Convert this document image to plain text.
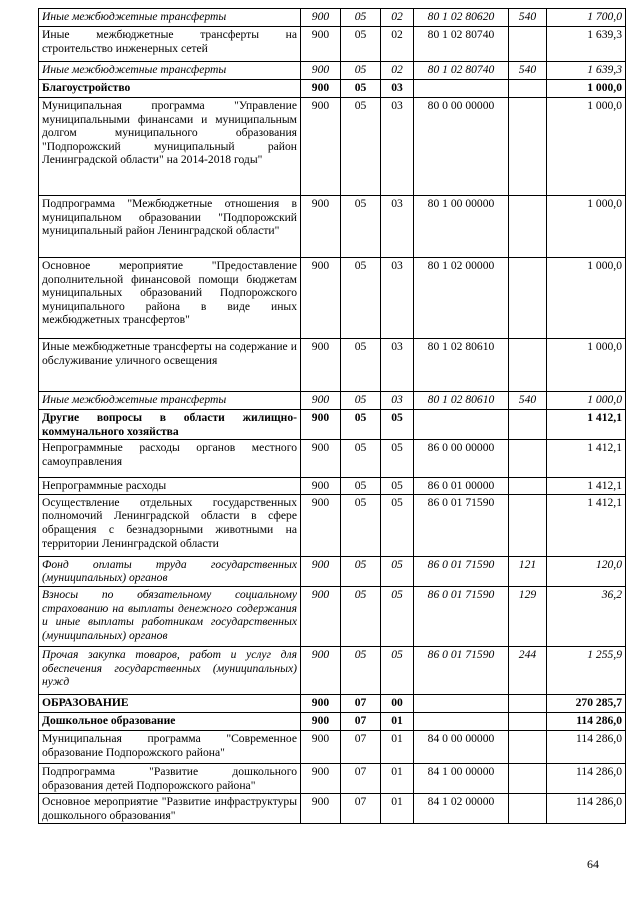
Иные межбюджетные трансферты	900	05	02	80 1 02 80620	540	1 700,0
Иные межбюджетные трансферты на строительство инженерных сетей	900	05	02	80 1 02 80740		1 639,3
Иные межбюджетные трансферты	900	05	02	80 1 02 80740	540	1 639,3
Благоустройство	900	05	03			1 000,0
Муниципальная программа "Управление муниципальными финансами и муниципальным долгом муниципального образования "Подпорожский муниципальный район Ленинградской области" на 2014-2018 годы"	900	05	03	80 0 00 00000		1 000,0
Подпрограмма "Межбюджетные отношения в муниципальном образовании "Подпорожский муниципальный район Ленинградской области"	900	05	03	80 1 00 00000		1 000,0
Основное мероприятие "Предоставление дополнительной финансовой помощи бюджетам муниципальных образований Подпорожского муниципального района в виде иных межбюджетных трансфертов"	900	05	03	80 1 02 00000		1 000,0
Иные межбюджетные трансферты на содержание и обслуживание уличного освещения	900	05	03	80 1 02 80610		1 000,0
Иные межбюджетные трансферты	900	05	03	80 1 02 80610	540	1 000,0
Другие вопросы в области жилищно-коммунального хозяйства	900	05	05			1 412,1
Непрограммные расходы органов местного самоуправления	900	05	05	86 0 00 00000		1 412,1
Непрограммные расходы	900	05	05	86 0 01 00000		1 412,1
Осуществление отдельных государственных полномочий Ленинградской области в сфере обращения с безнадзорными животными на территории Ленинградской области	900	05	05	86 0 01 71590		1 412,1
Фонд оплаты труда государственных (муниципальных) органов	900	05	05	86 0 01 71590	121	120,0
Взносы по обязательному социальному страхованию на выплаты денежного содержания и иные выплаты работникам государственных (муниципальных) органов	900	05	05	86 0 01 71590	129	36,2
Прочая закупка товаров, работ и услуг для обеспечения государственных (муниципальных) нужд	900	05	05	86 0 01 71590	244	1 255,9
ОБРАЗОВАНИЕ	900	07	00			270 285,7
Дошкольное образование	900	07	01			114 286,0
Муниципальная программа "Современное образование Подпорожского района"	900	07	01	84 0 00 00000		114 286,0
Подпрограмма "Развитие дошкольного образования детей Подпорожского района"	900	07	01	84 1 00 00000		114 286,0
Основное мероприятие "Развитие инфраструктуры дошкольного образования"	900	07	01	84 1 02 00000		114 286,0
64
